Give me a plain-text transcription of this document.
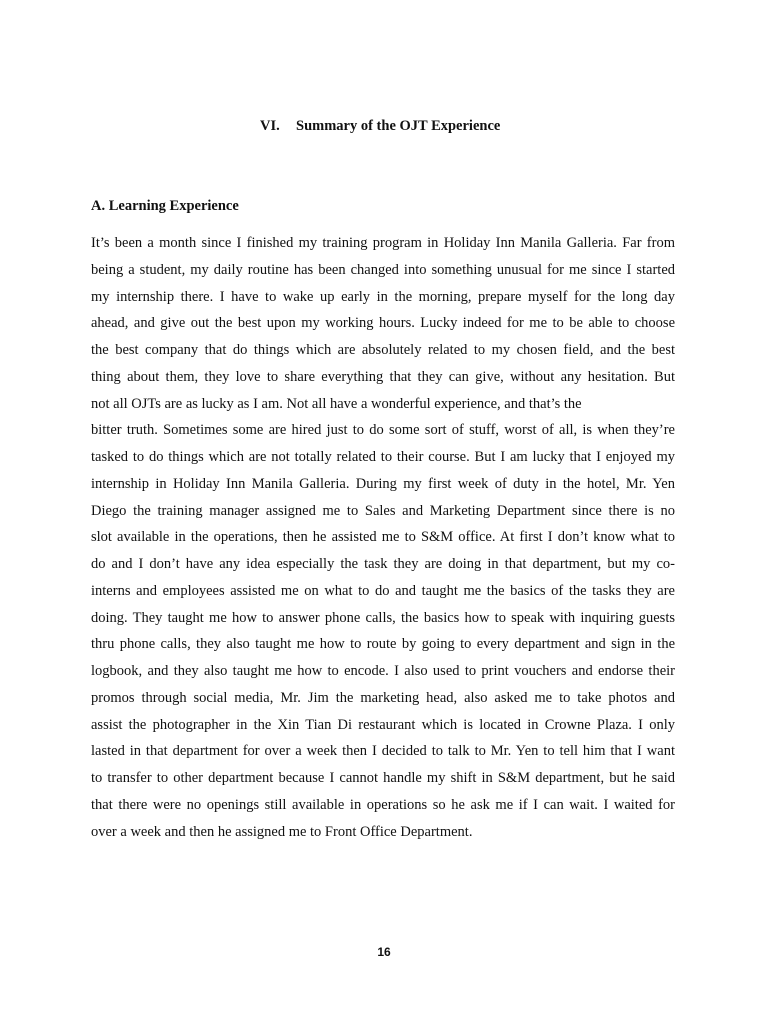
VI. Summary of the OJT Experience
A. Learning Experience
It’s been a month since I finished my training program in Holiday Inn Manila Galleria. Far from
being a student, my daily routine has been changed into something unusual for me since I started
my internship there. I have to wake up early in the morning, prepare myself for the long day
ahead, and give out the best upon my working hours. Lucky indeed for me to be able to choose
the best company that do things which are absolutely related to my chosen field, and the best
thing about them, they love to share everything that they can give, without any hesitation. But
not all OJTs are as lucky as I am. Not all have a wonderful experience, and that’s the
bitter truth. Sometimes some are hired just to do some sort of stuff, worst of all, is when they’re
tasked to do things which are not totally related to their course. But I am lucky that I enjoyed my
internship in Holiday Inn Manila Galleria. During my first week of duty in the hotel, Mr. Yen
Diego the training manager assigned me to Sales and Marketing Department since there is no
slot available in the operations, then he assisted me to S&M office. At first I don’t know what to
do and I don’t have any idea especially the task they are doing in that department, but my co-
interns and employees assisted me on what to do and taught me the basics of the tasks they are
doing. They taught me how to answer phone calls, the basics how to speak with inquiring guests
thru phone calls, they also taught me how to route by going to every department and sign in the
logbook, and they also taught me how to encode. I also used to print vouchers and endorse their
promos through social media, Mr. Jim the marketing head, also asked me to take photos and
assist the photographer in the Xin Tian Di restaurant which is located in Crowne Plaza. I only
lasted in that department for over a week then I decided to talk to Mr. Yen to tell him that I want
to transfer to other department because I cannot handle my shift in S&M department, but he said
that there were no openings still available in operations so he ask me if I can wait. I waited for
over a week and then he assigned me to Front Office Department.
16
